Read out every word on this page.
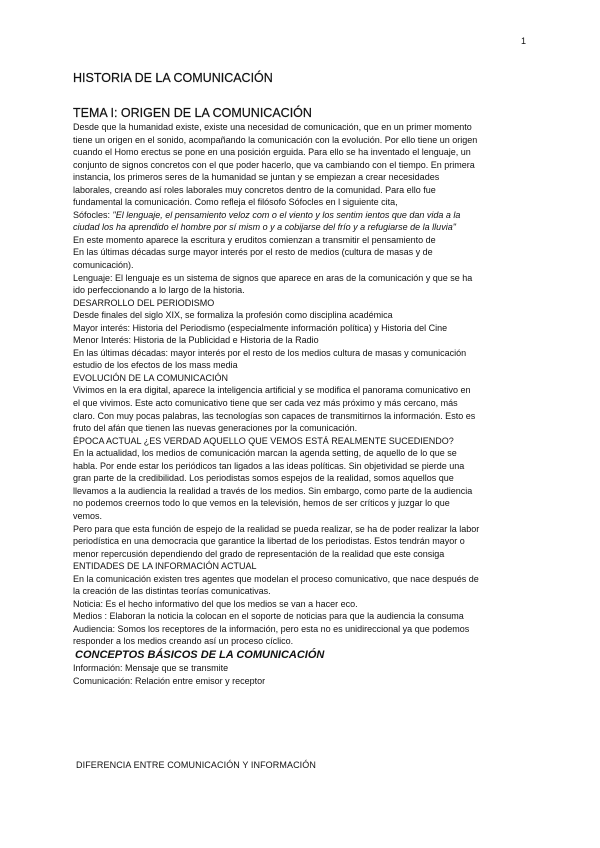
1
HISTORIA DE LA COMUNICACIÓN
TEMA I: ORIGEN DE LA COMUNICACIÓN

Desde que la humanidad existe, existe una necesidad de comunicación, que en un primer momento

tiene un origen en el sonido, acompañando la comunicación con la evolución. Por ello tiene un origen

cuando el Homo erectus se pone en una posición erguida. Para ello se ha inventado el lenguaje, un

conjunto de signos concretos con el que poder hacerlo, que va cambiando con el tiempo. En primera

instancia, los primeros seres de la humanidad se juntan y se empiezan a crear necesidades

laborales, creando así roles laborales muy concretos dentro de la comunidad. Para ello fue

fundamental la comunicación. Como refleja el filósofo Sófocles en l siguiente cita,

Sófocles: "El lenguaje, el pensamiento veloz com o el viento y los sentim ientos que dan vida a la

ciudad los ha aprendido el hombre por sí mism o y a cobijarse del frío y a refugiarse de la lluvia"

En este momento aparece la escritura y eruditos comienzan a transmitir el pensamiento de

En las últimas décadas surge mayor interés por el resto de medios (cultura de masas y de

comunicación).

Lenguaje: El lenguaje es un sistema de signos que aparece en aras de la comunicación y que se ha

ido perfeccionando a lo largo de la historia.

DESARROLLO DEL PERIODISMO

Desde finales del siglo XIX, se formaliza la profesión como disciplina académica

Mayor interés: Historia del Periodismo (especialmente información política) y Historia del Cine

Menor Interés: Historia de la Publicidad e Historia de la Radio

En las últimas décadas: mayor interés por el resto de los medios cultura de masas y comunicación

estudio de los efectos de los mass media

EVOLUCIÓN DE LA COMUNICACIÓN

Vivimos en la era digital, aparece la inteligencia artificial y se modifica el panorama comunicativo en

el que vivimos. Este acto comunicativo tiene que ser cada vez más próximo y más cercano, más

claro. Con muy pocas palabras, las tecnologías son capaces de transmitirnos la información. Esto es

fruto del afán que tienen las nuevas generaciones por la comunicación.

ÉPOCA ACTUAL ¿ES VERDAD AQUELLO QUE VEMOS ESTÁ REALMENTE SUCEDIENDO?

En la actualidad, los medios de comunicación marcan la agenda setting, de aquello de lo que se

habla. Por ende estar los periódicos tan ligados a las ideas políticas. Sin objetividad se pierde una

gran parte de la credibilidad. Los periodistas somos espejos de la realidad, somos aquellos que

llevamos a la audiencia la realidad a través de los medios. Sin embargo, como parte de la audiencia

no podemos creernos todo lo que vemos en la televisión, hemos de ser críticos y juzgar lo que

vemos.

Pero para que esta función de espejo de la realidad se pueda realizar, se ha de poder realizar la labor

periodística en una democracia que garantice la libertad de los periodistas. Estos tendrán mayor o

menor repercusión dependiendo del grado de representación de la realidad que este consiga

ENTIDADES DE LA INFORMACIÓN ACTUAL

En la comunicación existen tres agentes que modelan el proceso comunicativo, que nace después de

la creación de las distintas teorías comunicativas.

Noticia: Es el hecho informativo del que los medios se van a hacer eco.

Medios : Elaboran la noticia la colocan en el soporte de noticias para que la audiencia la consuma

Audiencia: Somos los receptores de la información, pero esta no es unidireccional ya que podemos

responder a los medios creando así un proceso cíclico.

CONCEPTOS BÁSICOS DE LA COMUNICACIÓN

Información: Mensaje que se transmite

Comunicación: Relación entre emisor y receptor

DIFERENCIA ENTRE COMUNICACIÓN Y INFORMACIÓN
